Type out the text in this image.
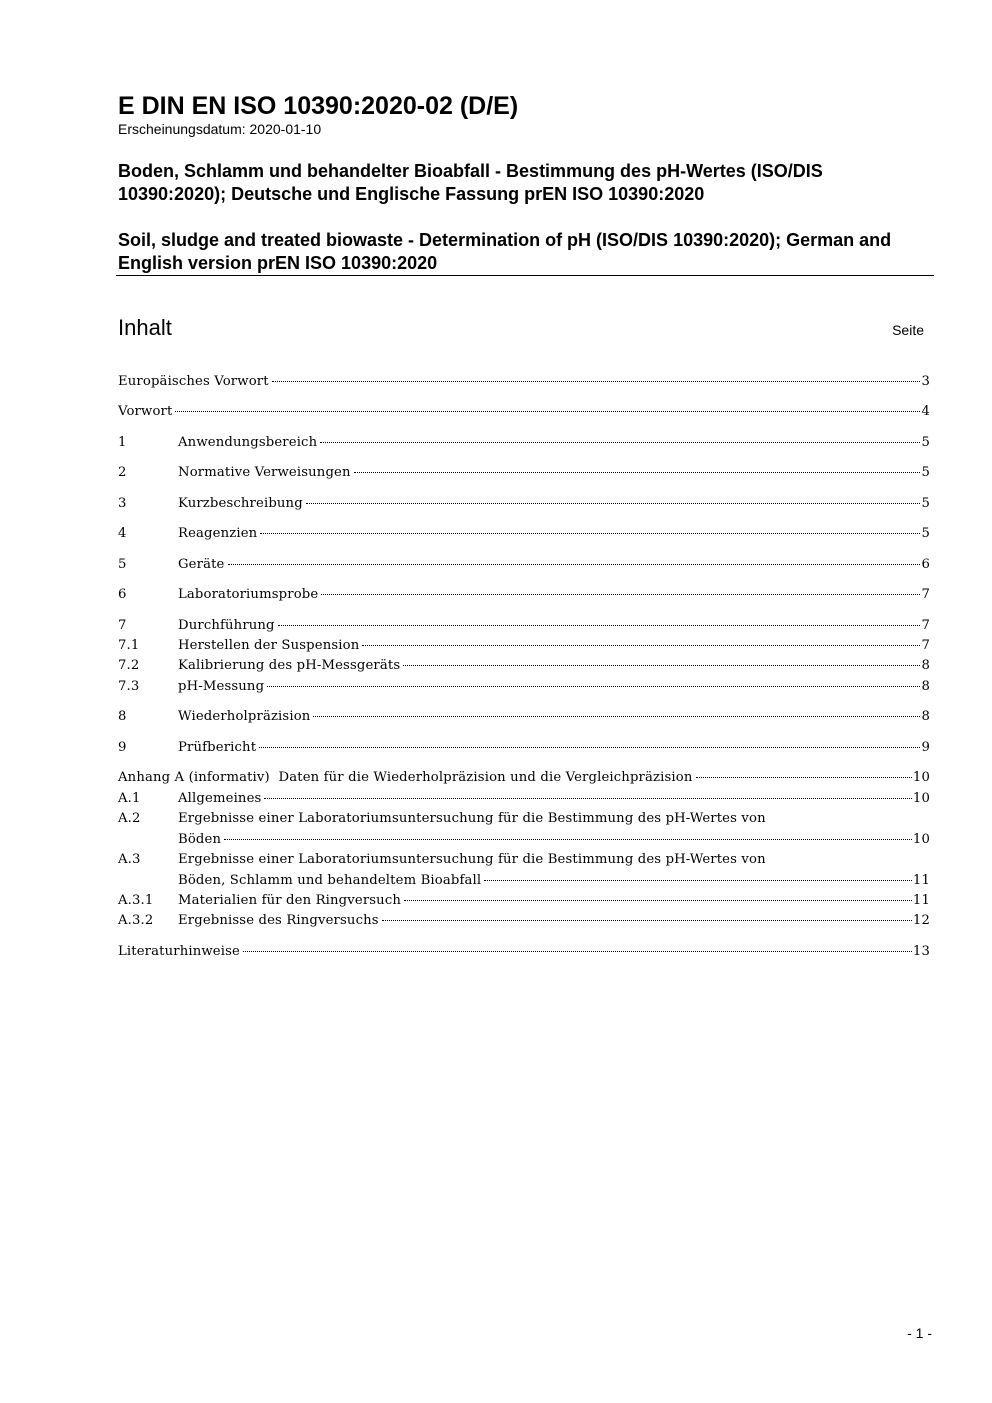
E DIN EN ISO 10390:2020-02 (D/E)
Erscheinungsdatum: 2020-01-10
Boden, Schlamm und behandelter Bioabfall - Bestimmung des pH-Wertes (ISO/DIS 10390:2020); Deutsche und Englische Fassung prEN ISO 10390:2020
Soil, sludge and treated biowaste - Determination of pH (ISO/DIS 10390:2020); German and English version prEN ISO 10390:2020
Inhalt	Seite
Europäisches Vorwort	3
Vorwort	4
1	Anwendungsbereich	5
2	Normative Verweisungen	5
3	Kurzbeschreibung	5
4	Reagenzien	5
5	Geräte	6
6	Laboratoriumsprobe	7
7	Durchführung	7
7.1	Herstellen der Suspension	7
7.2	Kalibrierung des pH-Messgeräts	8
7.3	pH-Messung	8
8	Wiederholpräzision	8
9	Prüfbericht	9
Anhang A (informativ)  Daten für die Wiederholpräzision und die Vergleichpräzision	10
A.1	Allgemeines	10
A.2	Ergebnisse einer Laboratoriumsuntersuchung für die Bestimmung des pH-Wertes von
Böden	10
A.3	Ergebnisse einer Laboratoriumsuntersuchung für die Bestimmung des pH-Wertes von
Böden, Schlamm und behandeltem Bioabfall	11
A.3.1 Materialien für den Ringversuch	11
A.3.2 Ergebnisse des Ringversuchs	12
Literaturhinweise	13
- 1 -
